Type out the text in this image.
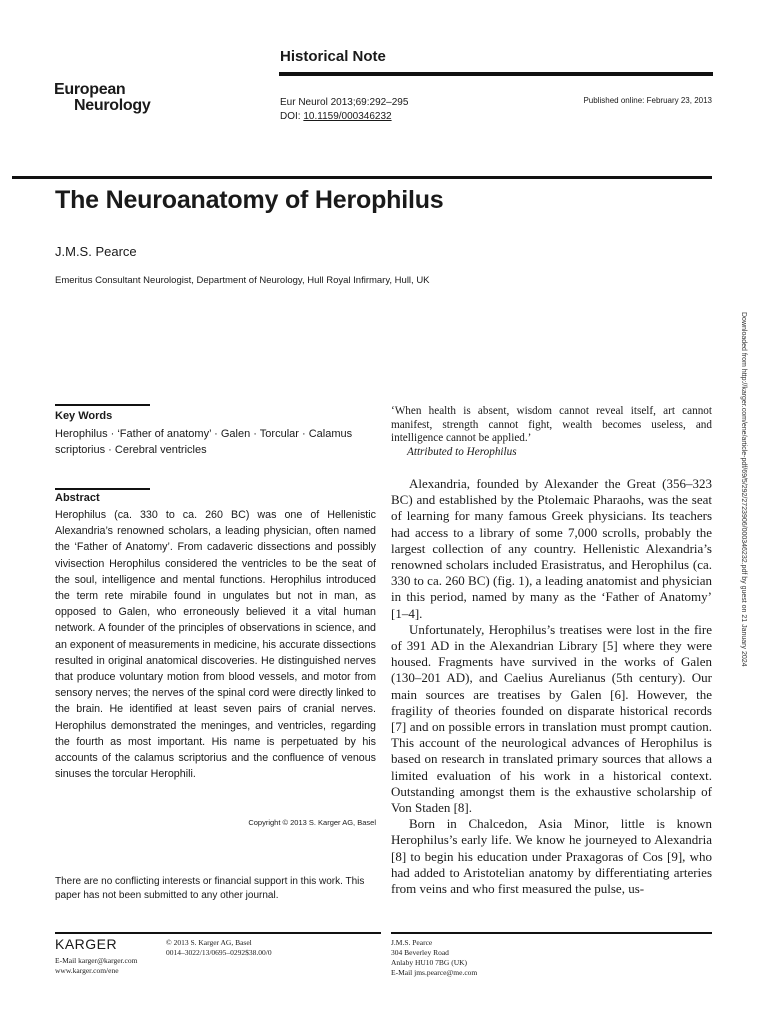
Historical Note
European
Neurology	Eur Neurol 2013;69:292–295
DOI: 10.1159/000346232
Published online: February 23, 2013
The Neuroanatomy of Herophilus
J.M.S. Pearce
Emeritus Consultant Neurologist, Department of Neurology, Hull Royal Infirmary, Hull, UK
Downloaded from http://karger.com/ene/article-pdf/69/5/292/2723906/000346232.pdf by guest on 21 January 2024
Key Words
Herophilus · ‘Father of anatomy’ · Galen · Torcular · Calamus scriptorius · Cerebral ventricles
Abstract

Herophilus (ca. 330 to ca. 260 BC) was one of Hellenistic Alexandria’s renowned scholars, a leading physician, often named the ‘Father of Anatomy’. From cadaveric dissections and possibly vivisection Herophilus considered the ventricles to be the seat of the soul, intelligence and mental functions. Herophilus introduced the term rete mirabile found in ungulates but not in man, as opposed to Galen, who erroneously believed it a vital human network. A founder of the principles of observations in science, and an exponent of measurements in medicine, his accurate dissections resulted in original anatomical discoveries. He distinguished nerves that produce voluntary motion from blood vessels, and motor from sensory nerves; the nerves of the spinal cord were directly linked to the brain. He identified at least seven pairs of cranial nerves. Herophilus demonstrated the meninges, and ventricles, regarding the fourth as most important. His name is perpetuated by his accounts of the calamus scriptorius and the confluence of venous sinuses the torcular Herophili.

Copyright © 2013 S. Karger AG, Basel
There are no conflicting interests or financial support in this work. This paper has not been submitted to any other journal.
‘When health is absent, wisdom cannot reveal itself, art cannot manifest, strength cannot fight, wealth becomes useless, and intelligence cannot be applied.’
Attributed to Herophilus

Alexandria, founded by Alexander the Great (356–323 BC) and established by the Ptolemaic Pharaohs, was the seat of learning for many famous Greek physicians. Its teachers had access to a library of some 7,000 scrolls, probably the largest collection of any country. Hellenistic Alexandria’s renowned scholars included Erasistratus, and Herophilus (ca. 330 to ca. 260 BC) (fig. 1), a leading anatomist and physician in this period, named by many as the ‘Father of Anatomy’ [1–4].

Unfortunately, Herophilus’s treatises were lost in the fire of 391 AD in the Alexandrian Library [5] where they were housed. Fragments have survived in the works of Galen (130–201 AD), and Caelius Aurelianus (5th century). Our main sources are treatises by Galen [6]. However, the fragility of theories founded on disparate historical records [7] and on possible errors in translation must prompt caution. This account of the neurological advances of Herophilus is based on research in translated primary sources that allows a limited evaluation of his work in a historical context. Outstanding amongst them is the exhaustive scholarship of Von Staden [8].

Born in Chalcedon, Asia Minor, little is known Herophilus’s early life. We know he journeyed to Alexandria [8] to begin his education under Praxagoras of Cos [9], who had added to Aristotelian anatomy by differentiating arteries from veins and who first measured the pulse, us-

KARGER
E-Mail karger@karger.com
www.karger.com/ene
© 2013 S. Karger AG, Basel
0014–3022/13/0695–0292$38.00/0
J.M.S. Pearce
304 Beverley Road
Anlaby HU10 7BG (UK)
E-Mail jms.pearce@me.com
